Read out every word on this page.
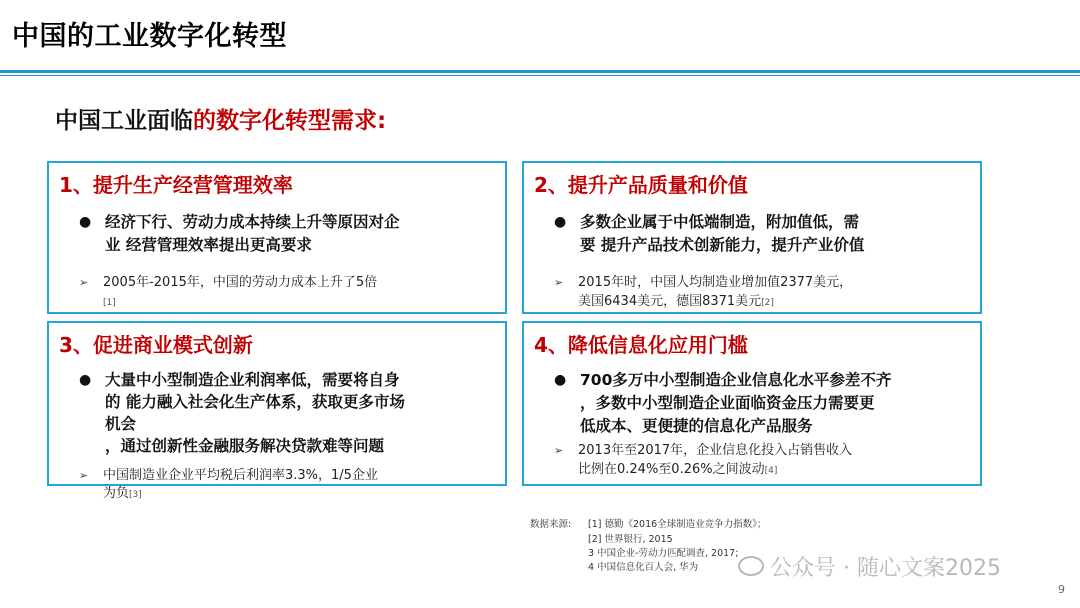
中国的工业数字化转型
中国工业面临的数字化转型需求:
1、提升生产经营管理效率
● 经济下行、劳动力成本持续上升等原因对企
业 经营管理效率提出更高要求
➢ 2005年-2015年，中国的劳动力成本上升了5倍
[1]
2、提升产品质量和价值
● 多数企业属于中低端制造，附加值低，需
要 提升产品技术创新能力，提升产业价值
➢ 2015年时，中国人均制造业增加值2377美元，
美国6434美元，德国8371美元[2]
3、促进商业模式创新
● 大量中小型制造企业利润率低，需要将自身
的 能力融入社会化生产体系，获取更多市场
机会
，通过创新性金融服务解决贷款难等问题
➢ 中国制造业企业平均税后利润率3.3%，1/5企业
为负[3]
4、降低信息化应用门槛
● 700多万中小型制造企业信息化水平参差不齐
，多数中小型制造企业面临资金压力需要更
低成本、更便捷的信息化产品服务
➢ 2013年至2017年，企业信息化投入占销售收入
比例在0.24%至0.26%之间波动[4]
数据来源: [1] 德勤《2016全球制造业竞争力指数》；
[2] 世界银行, 2015
3 中国企业-劳动力匹配调查, 2017;
4 中国信息化百人会, 华为	公众号 · 随心文案2025
9
